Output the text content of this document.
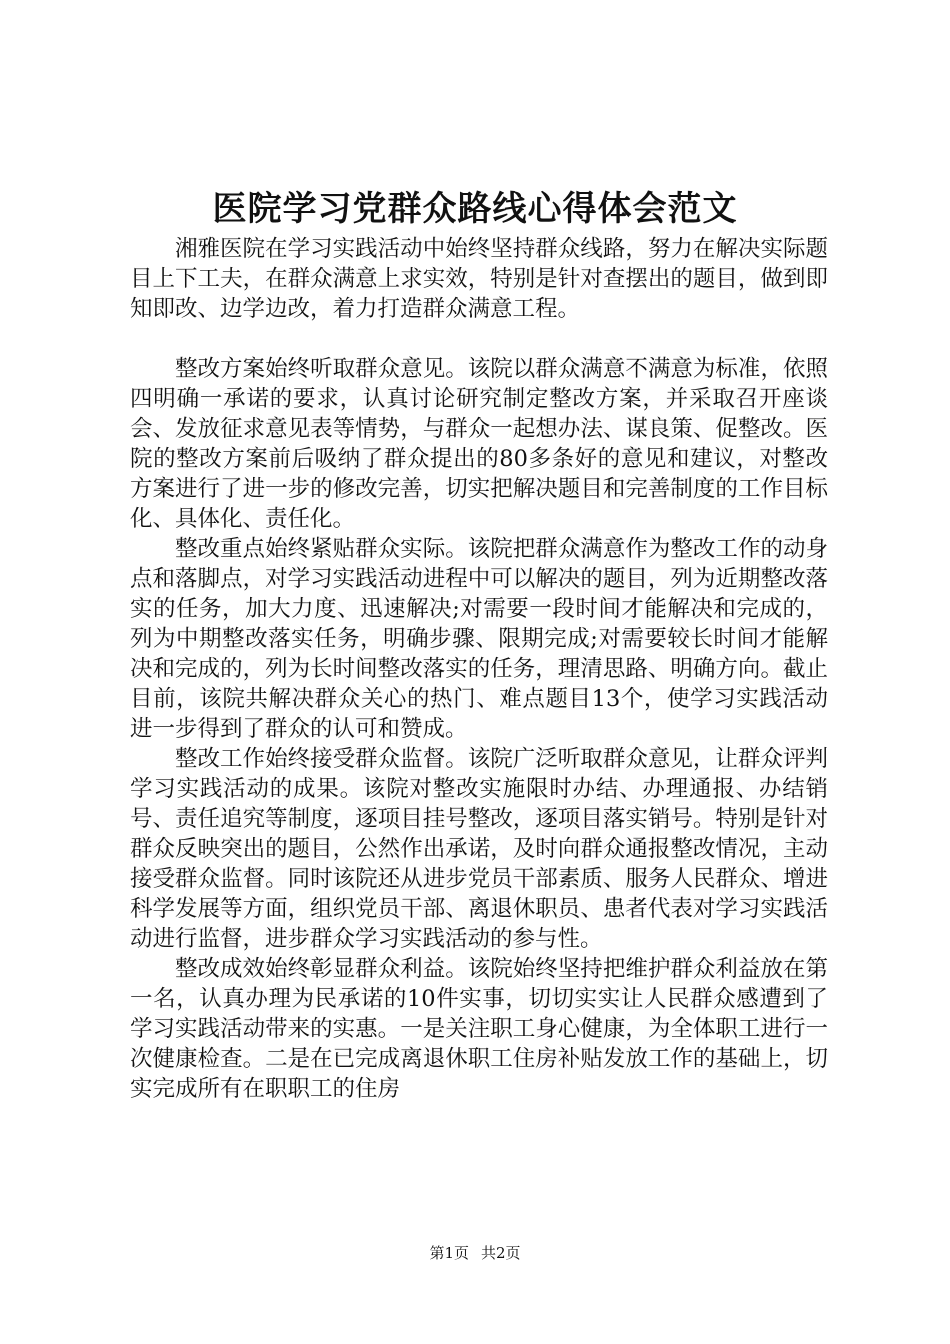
医院学习党群众路线心得体会范文

湘雅医院在学习实践活动中始终坚持群众线路，努力在解决实际题目上下工夫，在群众满意上求实效，特别是针对查摆出的题目，做到即知即改、边学边改，着力打造群众满意工程。

整改方案始终听取群众意见。该院以群众满意不满意为标准，依照四明确一承诺的要求，认真讨论研究制定整改方案，并采取召开座谈会、发放征求意见表等情势，与群众一起想办法、谋良策、促整改。医院的整改方案前后吸纳了群众提出的80多条好的意见和建议，对整改方案进行了进一步的修改完善，切实把解决题目和完善制度的工作目标化、具体化、责任化。

整改重点始终紧贴群众实际。该院把群众满意作为整改工作的动身点和落脚点，对学习实践活动进程中可以解决的题目，列为近期整改落实的任务，加大力度、迅速解决;对需要一段时间才能解决和完成的，列为中期整改落实任务，明确步骤、限期完成;对需要较长时间才能解决和完成的，列为长时间整改落实的任务，理清思路、明确方向。截止目前，该院共解决群众关心的热门、难点题目13个，使学习实践活动进一步得到了群众的认可和赞成。

整改工作始终接受群众监督。该院广泛听取群众意见，让群众评判学习实践活动的成果。该院对整改实施限时办结、办理通报、办结销号、责任追究等制度，逐项目挂号整改，逐项目落实销号。特别是针对群众反映突出的题目，公然作出承诺，及时向群众通报整改情况，主动接受群众监督。同时该院还从进步党员干部素质、服务人民群众、增进科学发展等方面，组织党员干部、离退休职员、患者代表对学习实践活动进行监督，进步群众学习实践活动的参与性。

整改成效始终彰显群众利益。该院始终坚持把维护群众利益放在第一名，认真办理为民承诺的10件实事，切切实实让人民群众感遭到了学习实践活动带来的实惠。一是关注职工身心健康，为全体职工进行一次健康检查。二是在已完成离退休职工住房补贴发放工作的基础上，切实完成所有在职职工的住房

第1页 共2页
